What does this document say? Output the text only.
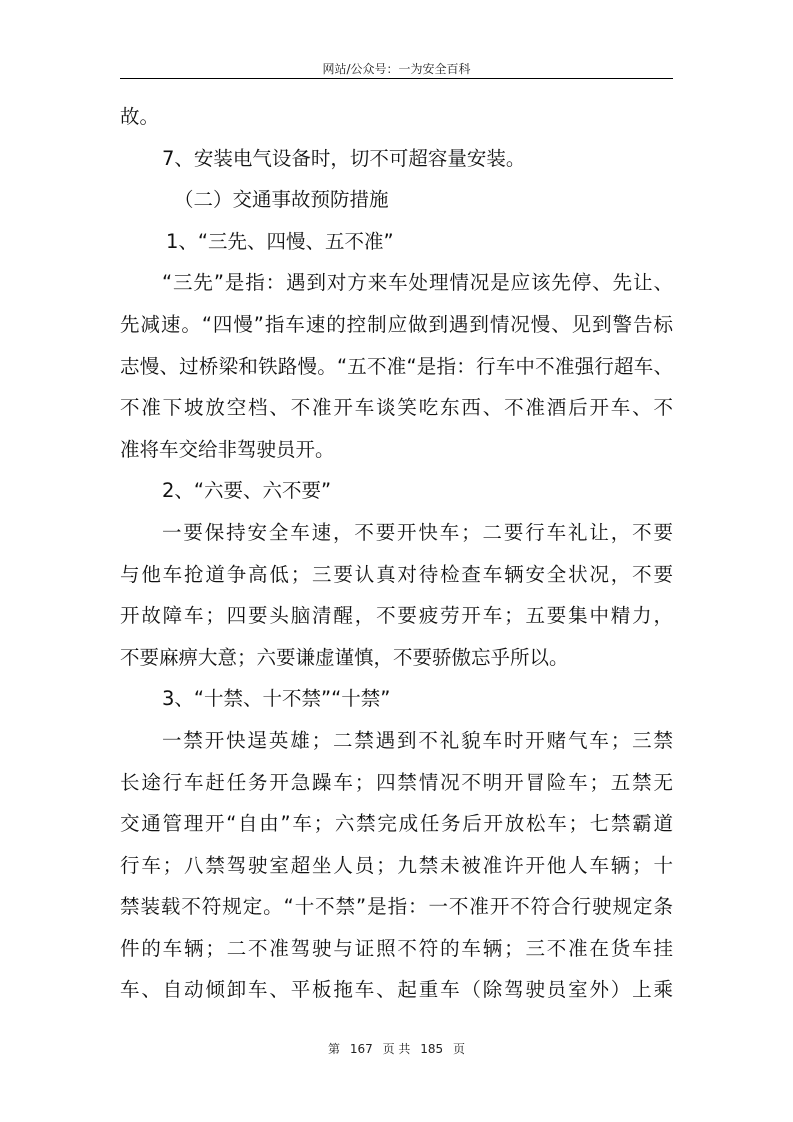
网站/公众号：一为安全百科
故。
7、安装电气设备时，切不可超容量安装。
（二）交通事故预防措施
1、“三先、四慢、五不准”
“三先”是指：遇到对方来车处理情况是应该先停、先让、
先减速。“四慢”指车速的控制应做到遇到情况慢、见到警告标
志慢、过桥梁和铁路慢。“五不准“是指：行车中不准强行超车、
不准下坡放空档、不准开车谈笑吃东西、不准酒后开车、不
准将车交给非驾驶员开。
2、“六要、六不要”
一要保持安全车速，不要开快车；二要行车礼让，不要
与他车抢道争高低；三要认真对待检查车辆安全状况，不要
开故障车；四要头脑清醒，不要疲劳开车；五要集中精力，
不要麻痹大意；六要谦虚谨慎，不要骄傲忘乎所以。
3、“十禁、十不禁”“十禁”
一禁开快逞英雄；二禁遇到不礼貌车时开赌气车；三禁
长途行车赶任务开急躁车；四禁情况不明开冒险车；五禁无
交通管理开“自由”车；六禁完成任务后开放松车；七禁霸道
行车；八禁驾驶室超坐人员；九禁未被准许开他人车辆；十
禁装载不符规定。“十不禁”是指：一不准开不符合行驶规定条
件的车辆；二不准驾驶与证照不符的车辆；三不准在货车挂
车、自动倾卸车、平板拖车、起重车（除驾驶员室外）上乘
第 167 页 共 185 页
